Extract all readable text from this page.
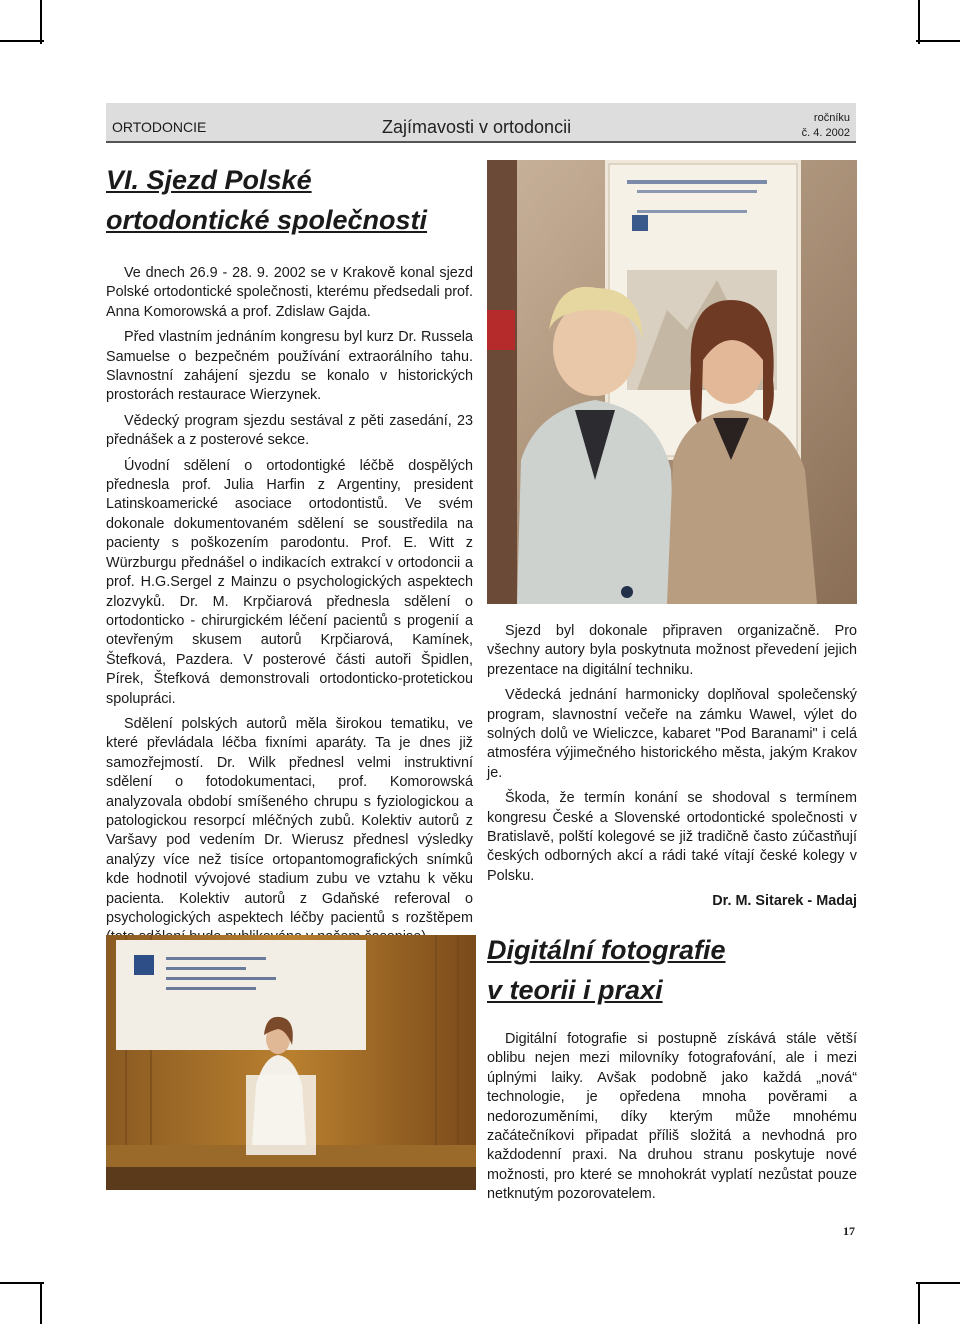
ORTODONCIE	Zajímavosti v ortodoncii	ročníku
č. 4. 2002
VI. Sjezd Polské
ortodontické společnosti

Ve dnech 26.9 - 28. 9. 2002 se v Krakově konal sjezd Polské ortodontické společnosti, kterému předsedali prof. Anna Komorowská a prof. Zdislaw Gajda.

Před vlastním jednáním kongresu byl kurz Dr. Russela Samuelse o bezpečném používání extraorálního tahu. Slavnostní zahájení sjezdu se konalo v historických prostorách restaurace Wierzynek.

Vědecký program sjezdu sestával z pěti zasedání, 23 přednášek a z posterové sekce.

Úvodní sdělení o ortodontigké léčbě dospělých přednesla prof. Julia Harfin z Argentiny, president Latinskoamerické asociace ortodontistů. Ve svém dokonale dokumentovaném sdělení se soustředila na pacienty s poškozením parodontu. Prof. E. Witt z Würzburgu přednášel o indikacích extrakcí v ortodoncii a prof. H.G.Sergel z Mainzu o psychologických aspektech zlozvyků. Dr. M. Krpčiarová přednesla sdělení o ortodonticko - chirurgickém léčení pacientů s progenií a otevřeným skusem autorů Krpčiarová, Kamínek, Štefková, Pazdera. V posterové části autoři Špidlen, Pírek, Štefková demonstrovali ortodonticko-protetickou spolupráci.

Sdělení polských autorů měla širokou tematiku, ve které převládala léčba fixními aparáty. Ta je dnes již samozřejmostí. Dr. Wilk přednesl velmi instruktivní sdělení o fotodokumentaci, prof. Komorowská analyzovala období smíšeného chrupu s fyziologickou a patologickou resorpcí mléčných zubů. Kolektiv autorů z Varšavy pod vedením Dr. Wierusz přednesl výsledky analýzy více než tisíce ortopantomografických snímků kde hodnotil vývojové stadium zubu ve vztahu k věku pacienta. Kolektiv autorů z Gdaňské referoval o psychologických aspektech léčby pacientů s rozštěpem

Sjezd byl dokonale připraven organizačně. Pro všechny autory byla poskytnuta možnost převedení jejich prezentace na digitální techniku.

Vědecká jednání harmonicky doplňoval společenský program, slavnostní večeře na zámku Wawel, výlet do solných dolů ve Wieliczce, kabaret "Pod Baranami" i celá atmosféra výjimečného historického města, jakým Krakov je.

Škoda, že termín konání se shodoval s termínem kongresu České a Slovenské ortodontické společnosti v Bratislavě, polští kolegové se již tradičně často zúčastňují českých odborných akcí a rádi také vítají české kolegy v Polsku.

Dr. M. Sitarek - Madaj

Digitální fotografie
v teorii i praxi

Digitální fotografie si postupně získává stále větší oblibu nejen mezi milovníky fotografování, ale i mezi úplnými laiky. Avšak podobně jako každá „nová“ technologie, je opředena mnoha pověrami a nedorozuměními, díky kterým může mnohému začátečníkovi připadat příliš složitá a nevhodná pro každodenní praxi. Na druhou stranu poskytuje nové možnosti, pro které se mnohokrát vyplatí nezůstat pouze netknutým pozorovatelem.

17
